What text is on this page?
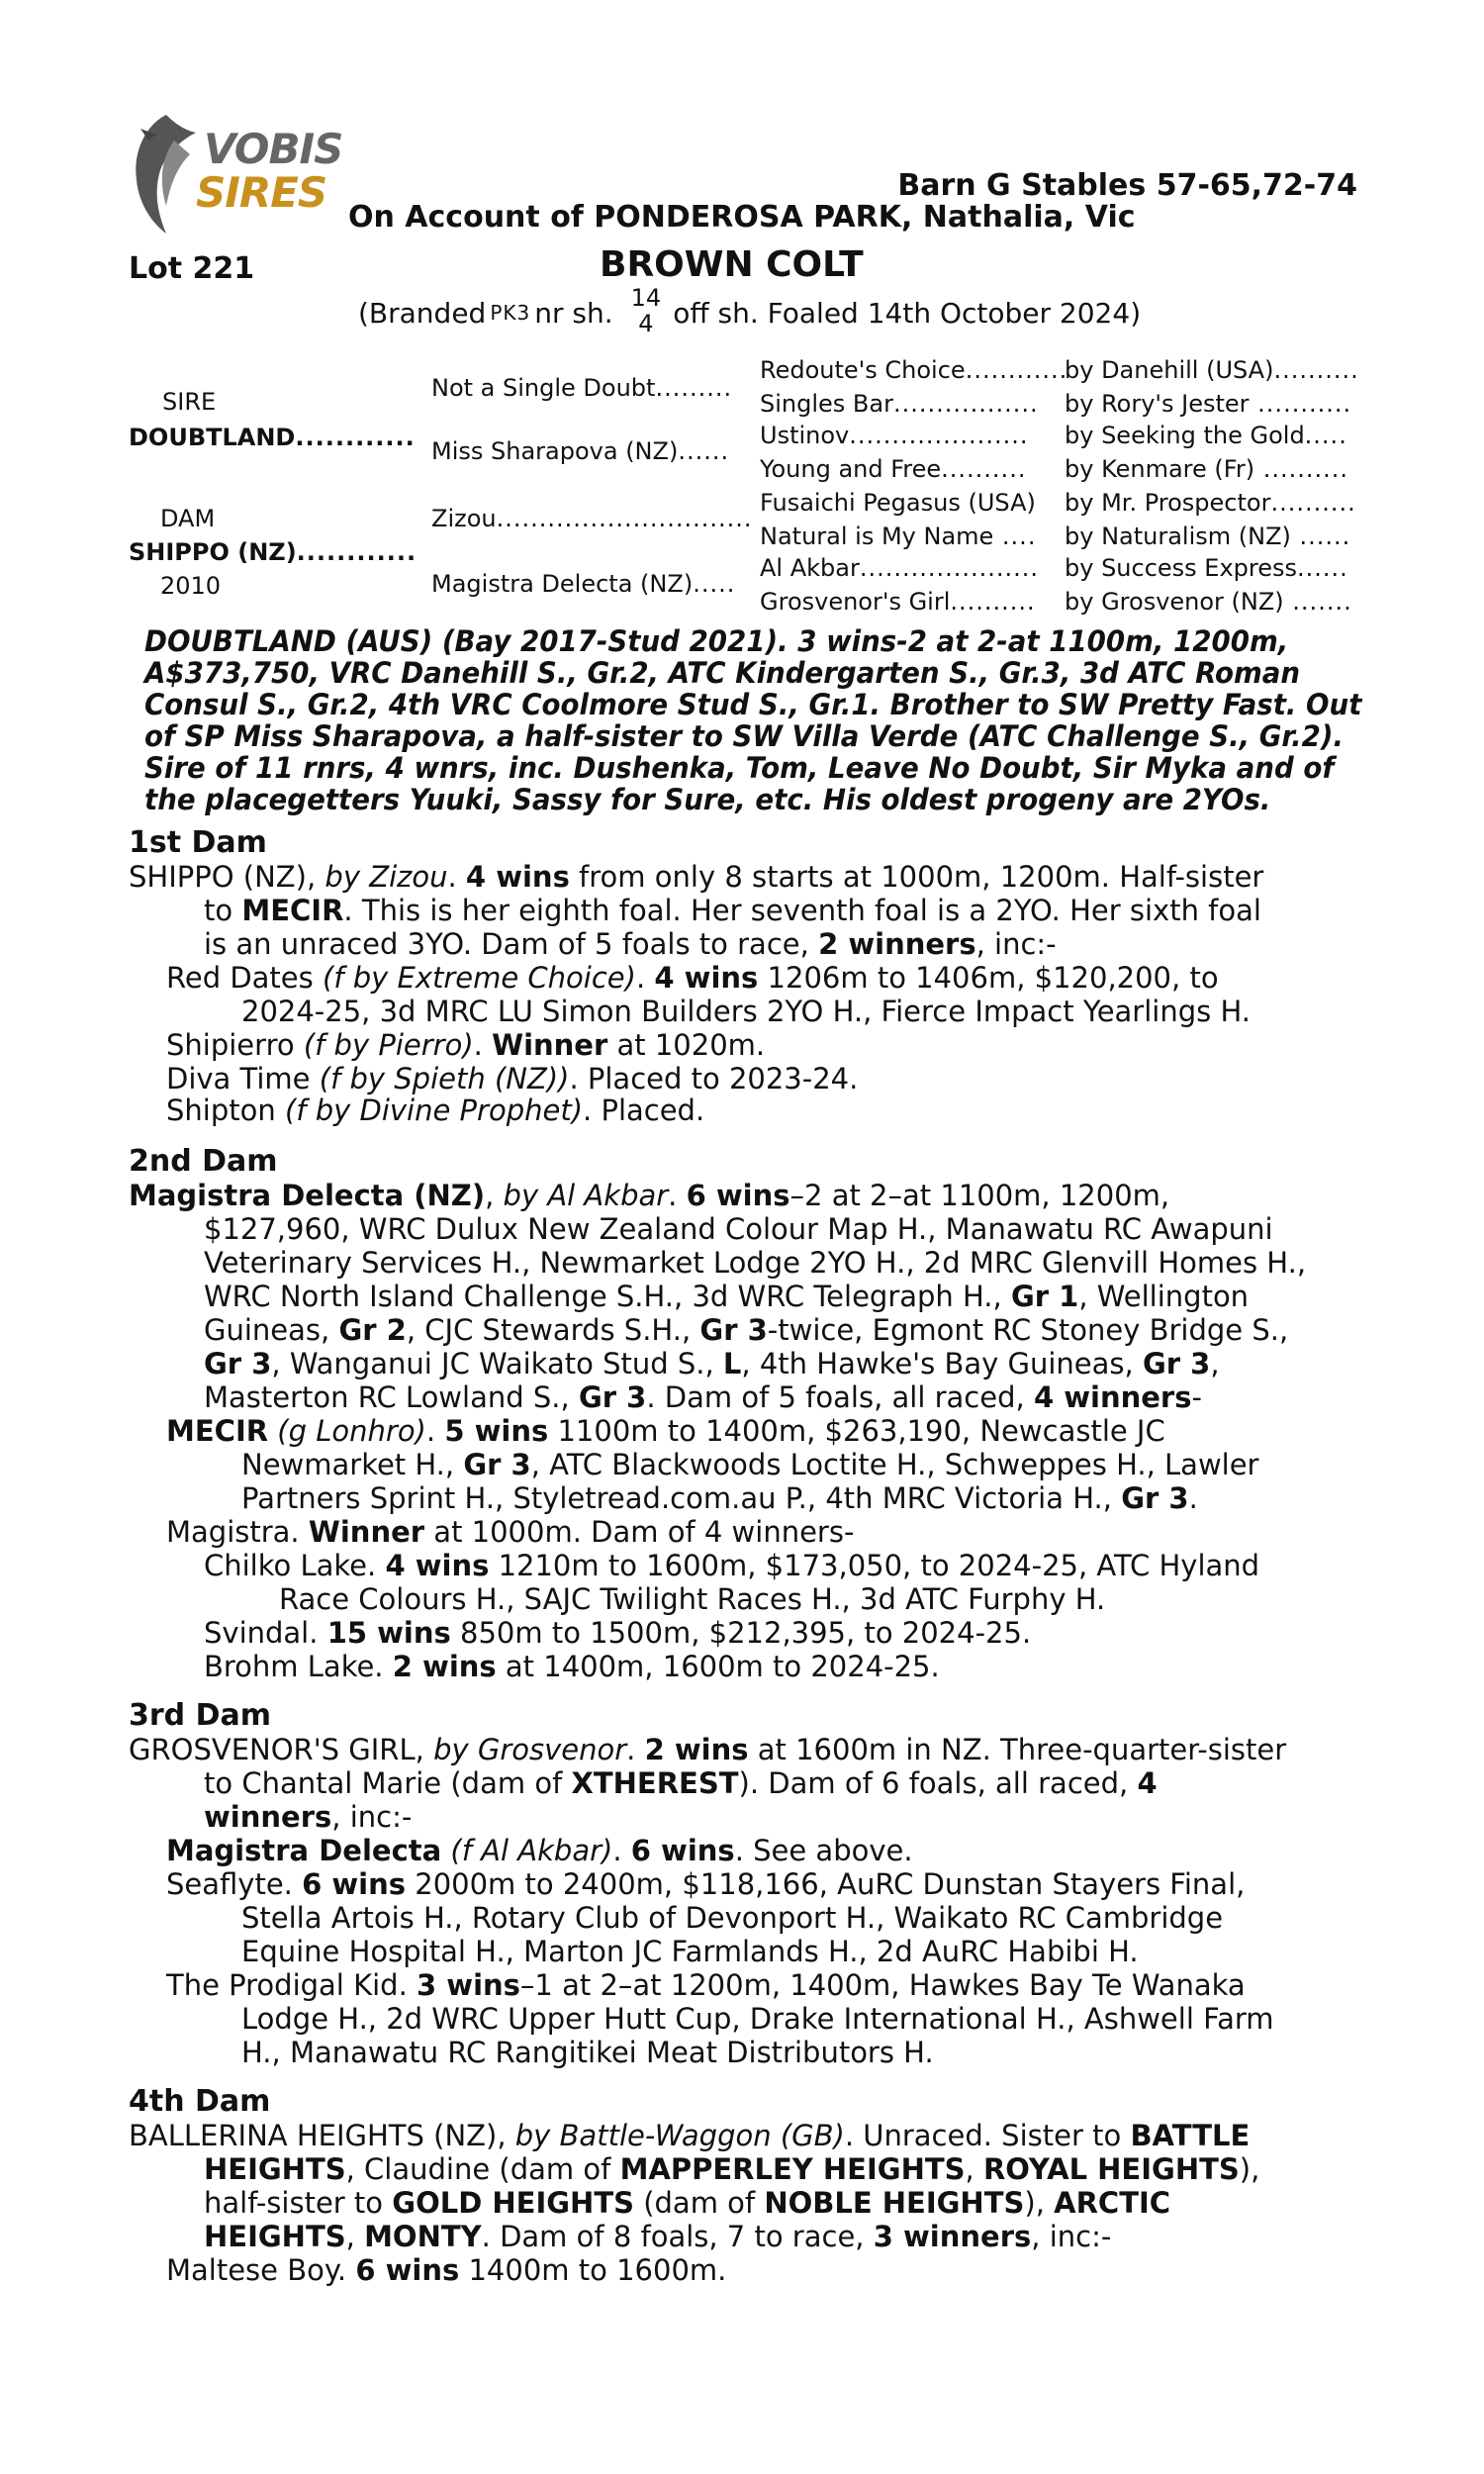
VOBIS
SIRES	Barn G Stables 57-65,72-74
On Account of PONDEROSA PARK, Nathalia, Vic
Lot 221	BROWN COLT
(Branded PK3 nr sh. 14
4 off sh. Foaled 14th October 2024)
SIRE
DOUBTLAND............
DAM
SHIPPO (NZ)............
2010
Not a Single Doubt.........
Miss Sharapova (NZ)......
Zizou..............................
Magistra Delecta (NZ).....
Redoute's Choice............
Singles Bar.................
Ustinov.....................
Young and Free..........
Fusaichi Pegasus (USA)
Natural is My Name ....
Al Akbar.....................
Grosvenor's Girl..........
by Danehill (USA)..........
by Rory's Jester ...........
by Seeking the Gold.....
by Kenmare (Fr) ..........
by Mr. Prospector..........
by Naturalism (NZ) ......
by Success Express......
by Grosvenor (NZ) .......
DOUBTLAND (AUS) (Bay 2017-Stud 2021). 3 wins-2 at 2-at 1100m, 1200m,
A$373,750, VRC Danehill S., Gr.2, ATC Kindergarten S., Gr.3, 3d ATC Roman
Consul S., Gr.2, 4th VRC Coolmore Stud S., Gr.1. Brother to SW Pretty Fast. Out
of SP Miss Sharapova, a half-sister to SW Villa Verde (ATC Challenge S., Gr.2).
Sire of 11 rnrs, 4 wnrs, inc. Dushenka, Tom, Leave No Doubt, Sir Myka and of
the placegetters Yuuki, Sassy for Sure, etc. His oldest progeny are 2YOs.
1st Dam
SHIPPO (NZ), by Zizou. 4 wins from only 8 starts at 1000m, 1200m. Half-sister
to MECIR. This is her eighth foal. Her seventh foal is a 2YO. Her sixth foal
is an unraced 3YO. Dam of 5 foals to race, 2 winners, inc:-
Red Dates (f by Extreme Choice). 4 wins 1206m to 1406m, $120,200, to
2024-25, 3d MRC LU Simon Builders 2YO H., Fierce Impact Yearlings H.
Shipierro (f by Pierro). Winner at 1020m.
Diva Time (f by Spieth (NZ)). Placed to 2023-24.
Shipton (f by Divine Prophet). Placed.
2nd Dam
Magistra Delecta (NZ), by Al Akbar. 6 wins–2 at 2–at 1100m, 1200m,
$127,960, WRC Dulux New Zealand Colour Map H., Manawatu RC Awapuni
Veterinary Services H., Newmarket Lodge 2YO H., 2d MRC Glenvill Homes H.,
WRC North Island Challenge S.H., 3d WRC Telegraph H., Gr 1, Wellington
Guineas, Gr 2, CJC Stewards S.H., Gr 3-twice, Egmont RC Stoney Bridge S.,
Gr 3, Wanganui JC Waikato Stud S., L, 4th Hawke's Bay Guineas, Gr 3,
Masterton RC Lowland S., Gr 3. Dam of 5 foals, all raced, 4 winners-
MECIR (g Lonhro). 5 wins 1100m to 1400m, $263,190, Newcastle JC
Newmarket H., Gr 3, ATC Blackwoods Loctite H., Schweppes H., Lawler
Partners Sprint H., Styletread.com.au P., 4th MRC Victoria H., Gr 3.
Magistra. Winner at 1000m. Dam of 4 winners-
Chilko Lake. 4 wins 1210m to 1600m, $173,050, to 2024-25, ATC Hyland
Race Colours H., SAJC Twilight Races H., 3d ATC Furphy H.
Svindal. 15 wins 850m to 1500m, $212,395, to 2024-25.
Brohm Lake. 2 wins at 1400m, 1600m to 2024-25.
3rd Dam
GROSVENOR'S GIRL, by Grosvenor. 2 wins at 1600m in NZ. Three-quarter-sister
to Chantal Marie (dam of XTHEREST). Dam of 6 foals, all raced, 4
winners, inc:-
Magistra Delecta (f Al Akbar). 6 wins. See above.
Seaflyte. 6 wins 2000m to 2400m, $118,166, AuRC Dunstan Stayers Final,
Stella Artois H., Rotary Club of Devonport H., Waikato RC Cambridge
Equine Hospital H., Marton JC Farmlands H., 2d AuRC Habibi H.
The Prodigal Kid. 3 wins–1 at 2–at 1200m, 1400m, Hawkes Bay Te Wanaka
Lodge H., 2d WRC Upper Hutt Cup, Drake International H., Ashwell Farm
H., Manawatu RC Rangitikei Meat Distributors H.
4th Dam
BALLERINA HEIGHTS (NZ), by Battle-Waggon (GB). Unraced. Sister to BATTLE
HEIGHTS, Claudine (dam of MAPPERLEY HEIGHTS, ROYAL HEIGHTS),
half-sister to GOLD HEIGHTS (dam of NOBLE HEIGHTS), ARCTIC
HEIGHTS, MONTY. Dam of 8 foals, 7 to race, 3 winners, inc:-
Maltese Boy. 6 wins 1400m to 1600m.
